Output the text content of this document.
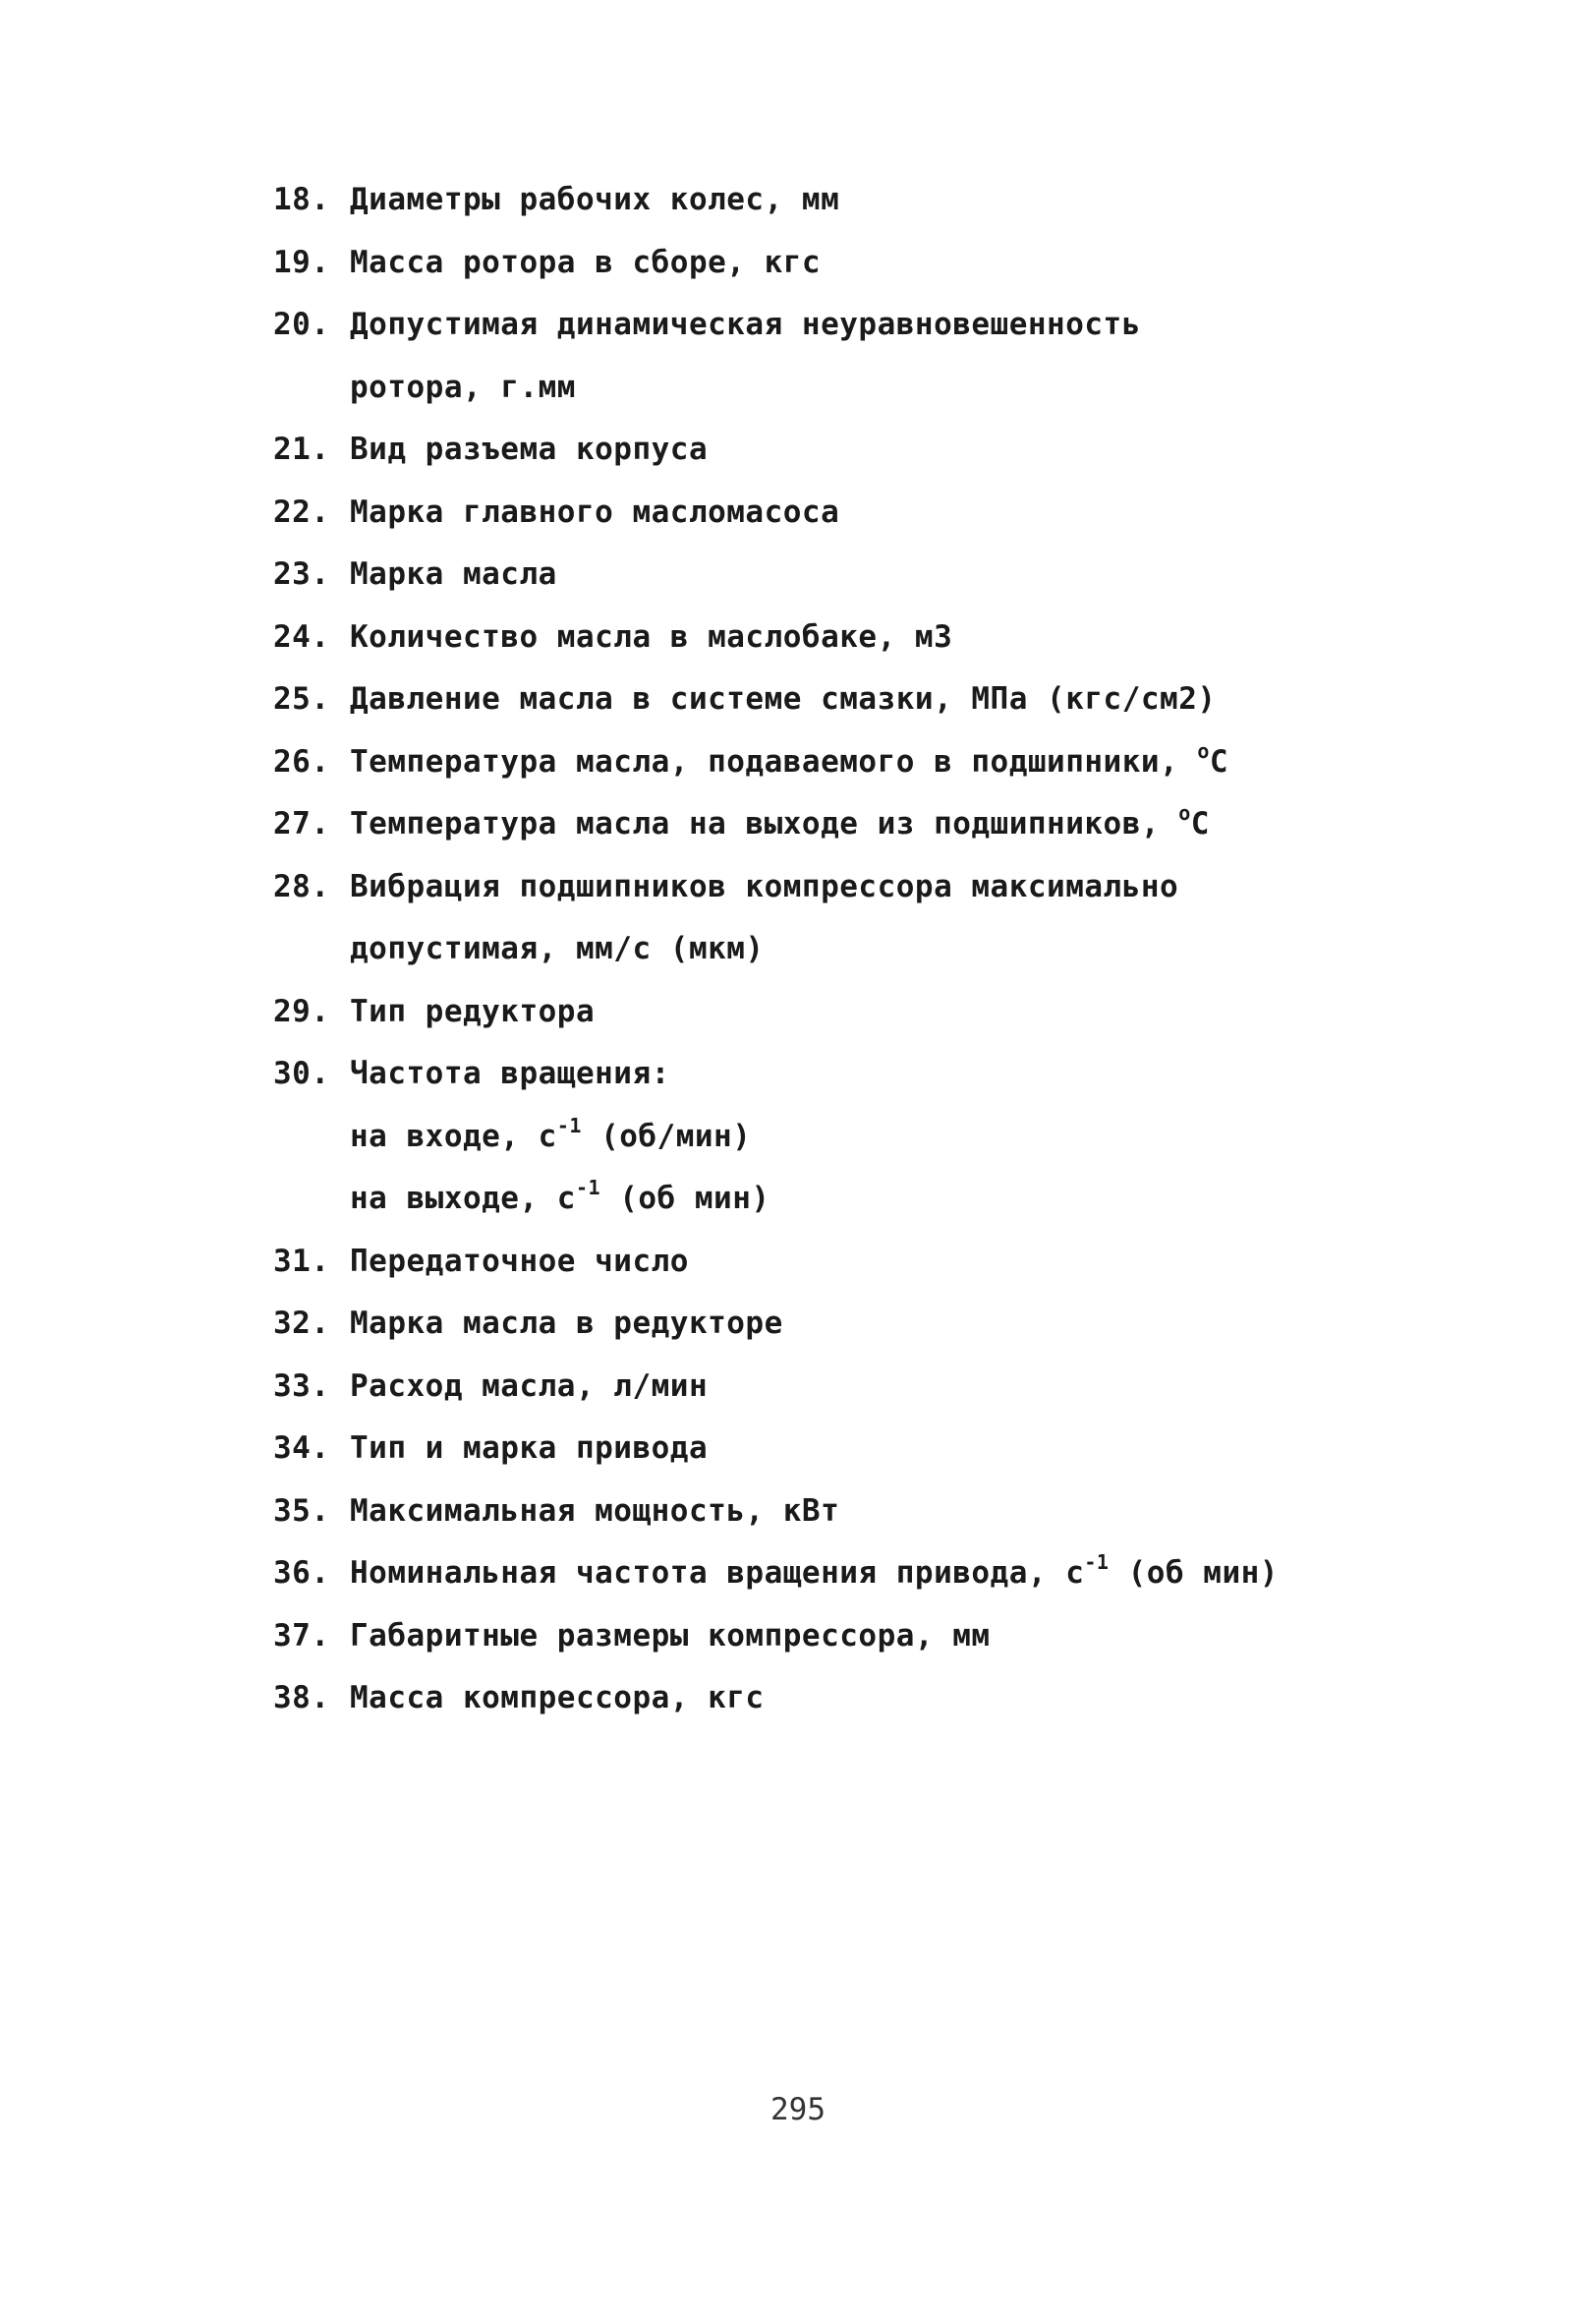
18. Диаметры рабочих колес, мм
19. Масса ротора в сборе, кгс
20. Допустимая динамическая неуравновешенность
ротора, г.мм
21. Вид разъема корпуса
22. Марка главного масломасоса
23. Марка масла
24. Количество масла в маслобаке, м3
25. Давление масла в системе смазки, МПа (кгс/см2)
26. Температура масла, подаваемого в подшипники, $^о$С
27. Температура масла на выходе из подшипников, $^о$С
28. Вибрация подшипников компрессора максимально
допустимая, мм/с (мкм)
29. Тип редуктора
30. Частота вращения:
на входе, $с^{-1}$ (об/мин)
на выходе, $с^{-1}$ (об мин)
31. Передаточное число
32. Марка масла в редукторе
33. Расход масла, л/мин
34. Тип и марка привода
35. Максимальная мощность, кВт
36. Номинальная частота вращения привода, $с^{-1}$ (об мин)
37. Габаритные размеры компрессора, мм
38. Масса компрессора, кгс
295
